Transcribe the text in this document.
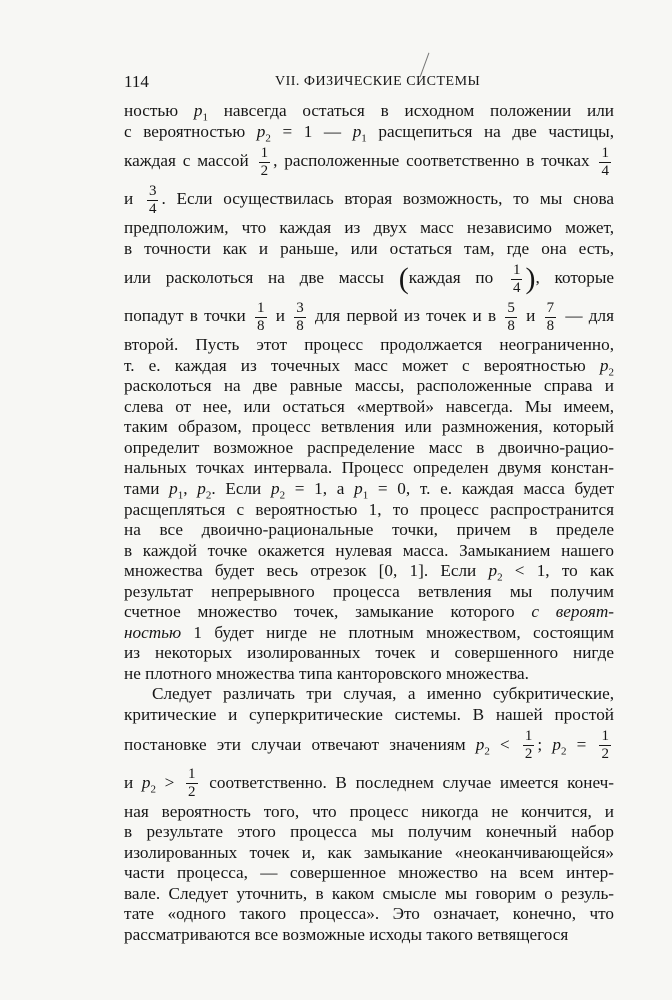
114	VII. ФИЗИЧЕСКИЕ СИСТЕМЫ
ностью $p_1$ навсегда остаться в исходном положении или
с вероятностью $p_2 = 1$ — $p_1$ расщепиться на две частицы,
каждая с массой $\frac{1}{2}$ , расположенные соответственно в точках $\frac{1}{4}$
и $\frac{3}{4}$ . Если осуществилась вторая возможность, то мы снова
предположим, что каждая из двух масс независимо может,
в точности как и раньше, или остаться там, где она есть,
или расколоться на две массы (каждая по $\frac{1}{4}$ ), которые
попадут в точки $\frac{1}{8}$ и $\frac{3}{8}$ для первой из точек и в $\frac{5}{8}$ и $\frac{7}{8}$ — для
второй. Пусть этот процесс продолжается неограниченно,
т. е. каждая из точечных масс может с вероятностью $p_2$
расколоться на две равные массы, расположенные справа и
слева от нее, или остаться «мертвой» навсегда. Мы имеем,
таким образом, процесс ветвления или размножения, который
определит возможное распределение масс в двоично-рацио-
нальных точках интервала. Процесс определен двумя констан-
тами $p_1$, $p_2$. Если $p_2 = 1$, а $p_1 = 0$, т. е. каждая масса будет
расщепляться с вероятностью 1, то процесс распространится
на все двоично-рациональные точки, причем в пределе
в каждой точке окажется нулевая масса. Замыканием нашего
множества будет весь отрезок [0, 1]. Если $p_2 < 1$, то как
результат непрерывного процесса ветвления мы получим
счетное множество точек, замыкание которого с вероят-
ностью 1 будет нигде не плотным множеством, состоящим
из некоторых изолированных точек и совершенного нигде
не плотного множества типа канторовского множества.
Следует различать три случая, а именно субкритические,
критические и суперкритические системы. В нашей простой
постановке эти случаи отвечают значениям $p_2 < \frac{1}{2}$ ; $p_2 = \frac{1}{2}$
и $p_2 > \frac{1}{2}$ соответственно. В последнем случае имеется конеч-
ная вероятность того, что процесс никогда не кончится, и
в результате этого процесса мы получим конечный набор
изолированных точек и, как замыкание «неоканчивающейся»
части процесса, — совершенное множество на всем интер-
вале. Следует уточнить, в каком смысле мы говорим о резуль-
тате «одного такого процесса». Это означает, конечно, что
рассматриваются все возможные исходы такого ветвящегося
